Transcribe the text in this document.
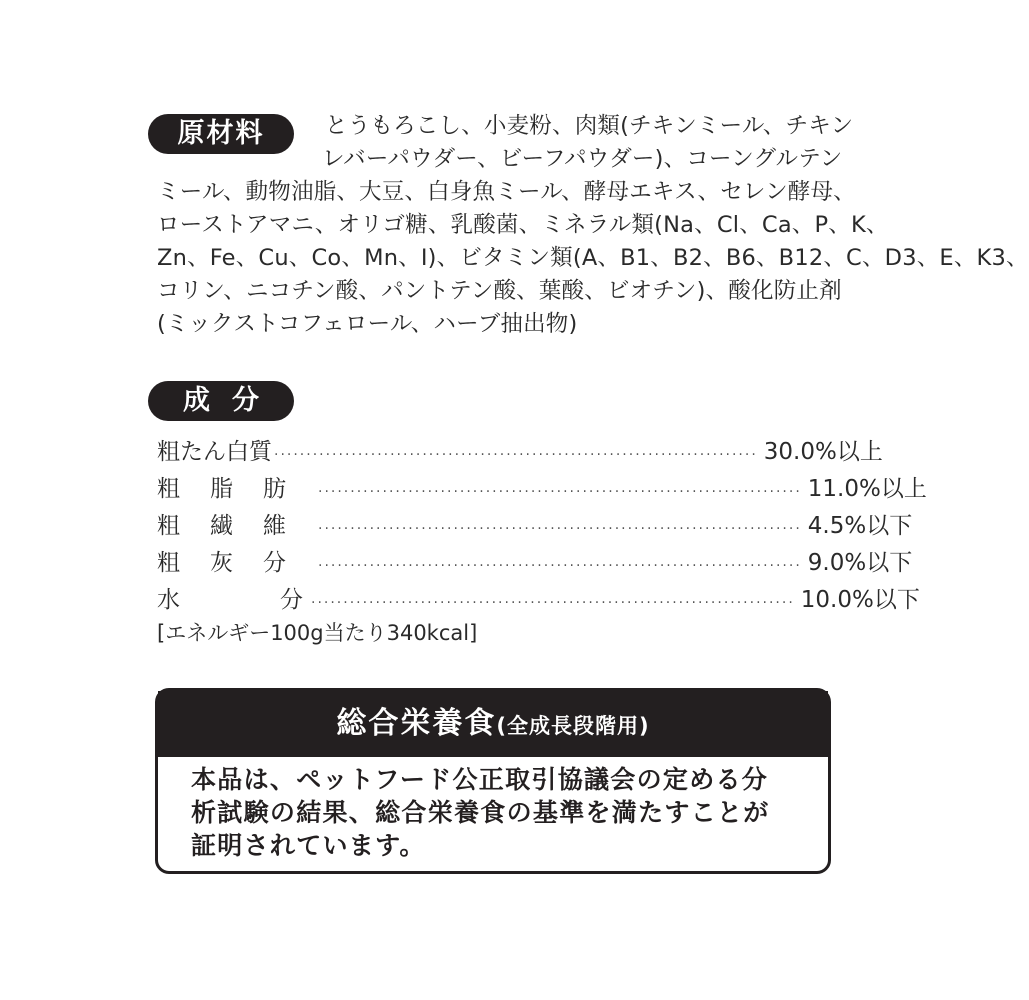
原材料	とうもろこし、小麦粉、肉類(チキンミール、チキン
レバーパウダー、ビーフパウダー)、コーングルテン
ミール、動物油脂、大豆、白身魚ミール、酵母エキス、セレン酵母、
ローストアマニ、オリゴ糖、乳酸菌、ミネラル類(Na、Cl、Ca、P、K、
Zn、Fe、Cu、Co、Mn、I)、ビタミン類(A、B1、B2、B6、B12、C、D3、E、K3、
コリン、ニコチン酸、パントテン酸、葉酸、ビオチン)、酸化防止剤
(ミックストコフェロール、ハーブ抽出物)
成分
粗たん白質 ··········································································· 30.0%以上
粗脂肪 ··········································································· 11.0%以上
粗繊維 ··········································································· 4.5%以下
粗灰分 ··········································································· 9.0%以下
水分
··········································································· 10.0%以下
[エネルギー100g当たり340kcal]
総合栄養食(全成長段階用)
本品は、ペットフード公正取引協議会の定める分
析試験の結果、総合栄養食の基準を満たすことが
証明されています。
